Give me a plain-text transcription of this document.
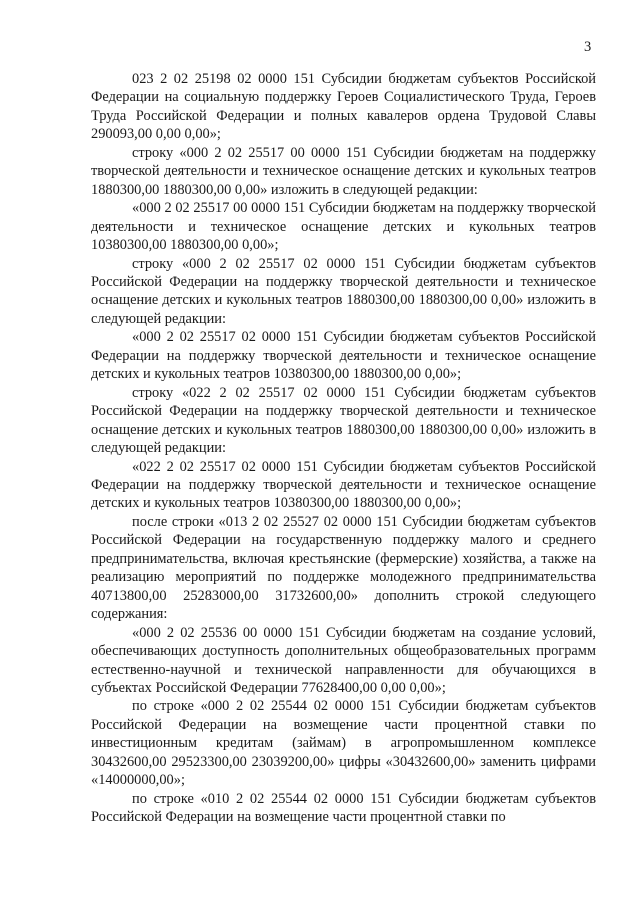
3

023 2 02 25198 02 0000 151 Субсидии бюджетам субъектов Российской Федерации на социальную поддержку Героев Социалистического Труда, Героев Труда Российской Федерации и полных кавалеров ордена Трудовой Славы 290093,00 0,00 0,00»;

строку «000 2 02 25517 00 0000 151 Субсидии бюджетам на поддержку творческой деятельности и техническое оснащение детских и кукольных театров 1880300,00 1880300,00 0,00» изложить в следующей редакции:

«000 2 02 25517 00 0000 151 Субсидии бюджетам на поддержку творческой деятельности и техническое оснащение детских и кукольных театров 10380300,00 1880300,00 0,00»;

строку «000 2 02 25517 02 0000 151 Субсидии бюджетам субъектов Российской Федерации на поддержку творческой деятельности и техническое оснащение детских и кукольных театров 1880300,00 1880300,00 0,00» изложить в следующей редакции:

«000 2 02 25517 02 0000 151 Субсидии бюджетам субъектов Российской Федерации на поддержку творческой деятельности и техническое оснащение детских и кукольных театров 10380300,00 1880300,00 0,00»;

строку «022 2 02 25517 02 0000 151 Субсидии бюджетам субъектов Российской Федерации на поддержку творческой деятельности и техническое оснащение детских и кукольных театров 1880300,00 1880300,00 0,00» изложить в следующей редакции:

«022 2 02 25517 02 0000 151 Субсидии бюджетам субъектов Российской Федерации на поддержку творческой деятельности и техническое оснащение детских и кукольных театров 10380300,00 1880300,00 0,00»;

после строки «013 2 02 25527 02 0000 151 Субсидии бюджетам субъектов Российской Федерации на государственную поддержку малого и среднего предпринимательства, включая крестьянские (фермерские) хозяйства, а также на реализацию мероприятий по поддержке молодежного предпринимательства 40713800,00 25283000,00 31732600,00» дополнить строкой следующего содержания:

«000 2 02 25536 00 0000 151 Субсидии бюджетам на создание условий, обеспечивающих доступность дополнительных общеобразовательных программ естественно-научной и технической направленности для обучающихся в субъектах Российской Федерации 77628400,00 0,00 0,00»;

по строке «000 2 02 25544 02 0000 151 Субсидии бюджетам субъектов Российской Федерации на возмещение части процентной ставки по инвестиционным кредитам (займам) в агропромышленном комплексе 30432600,00 29523300,00 23039200,00» цифры «30432600,00» заменить цифрами «14000000,00»;

по строке «010 2 02 25544 02 0000 151 Субсидии бюджетам субъектов Российской Федерации на возмещение части процентной ставки по
